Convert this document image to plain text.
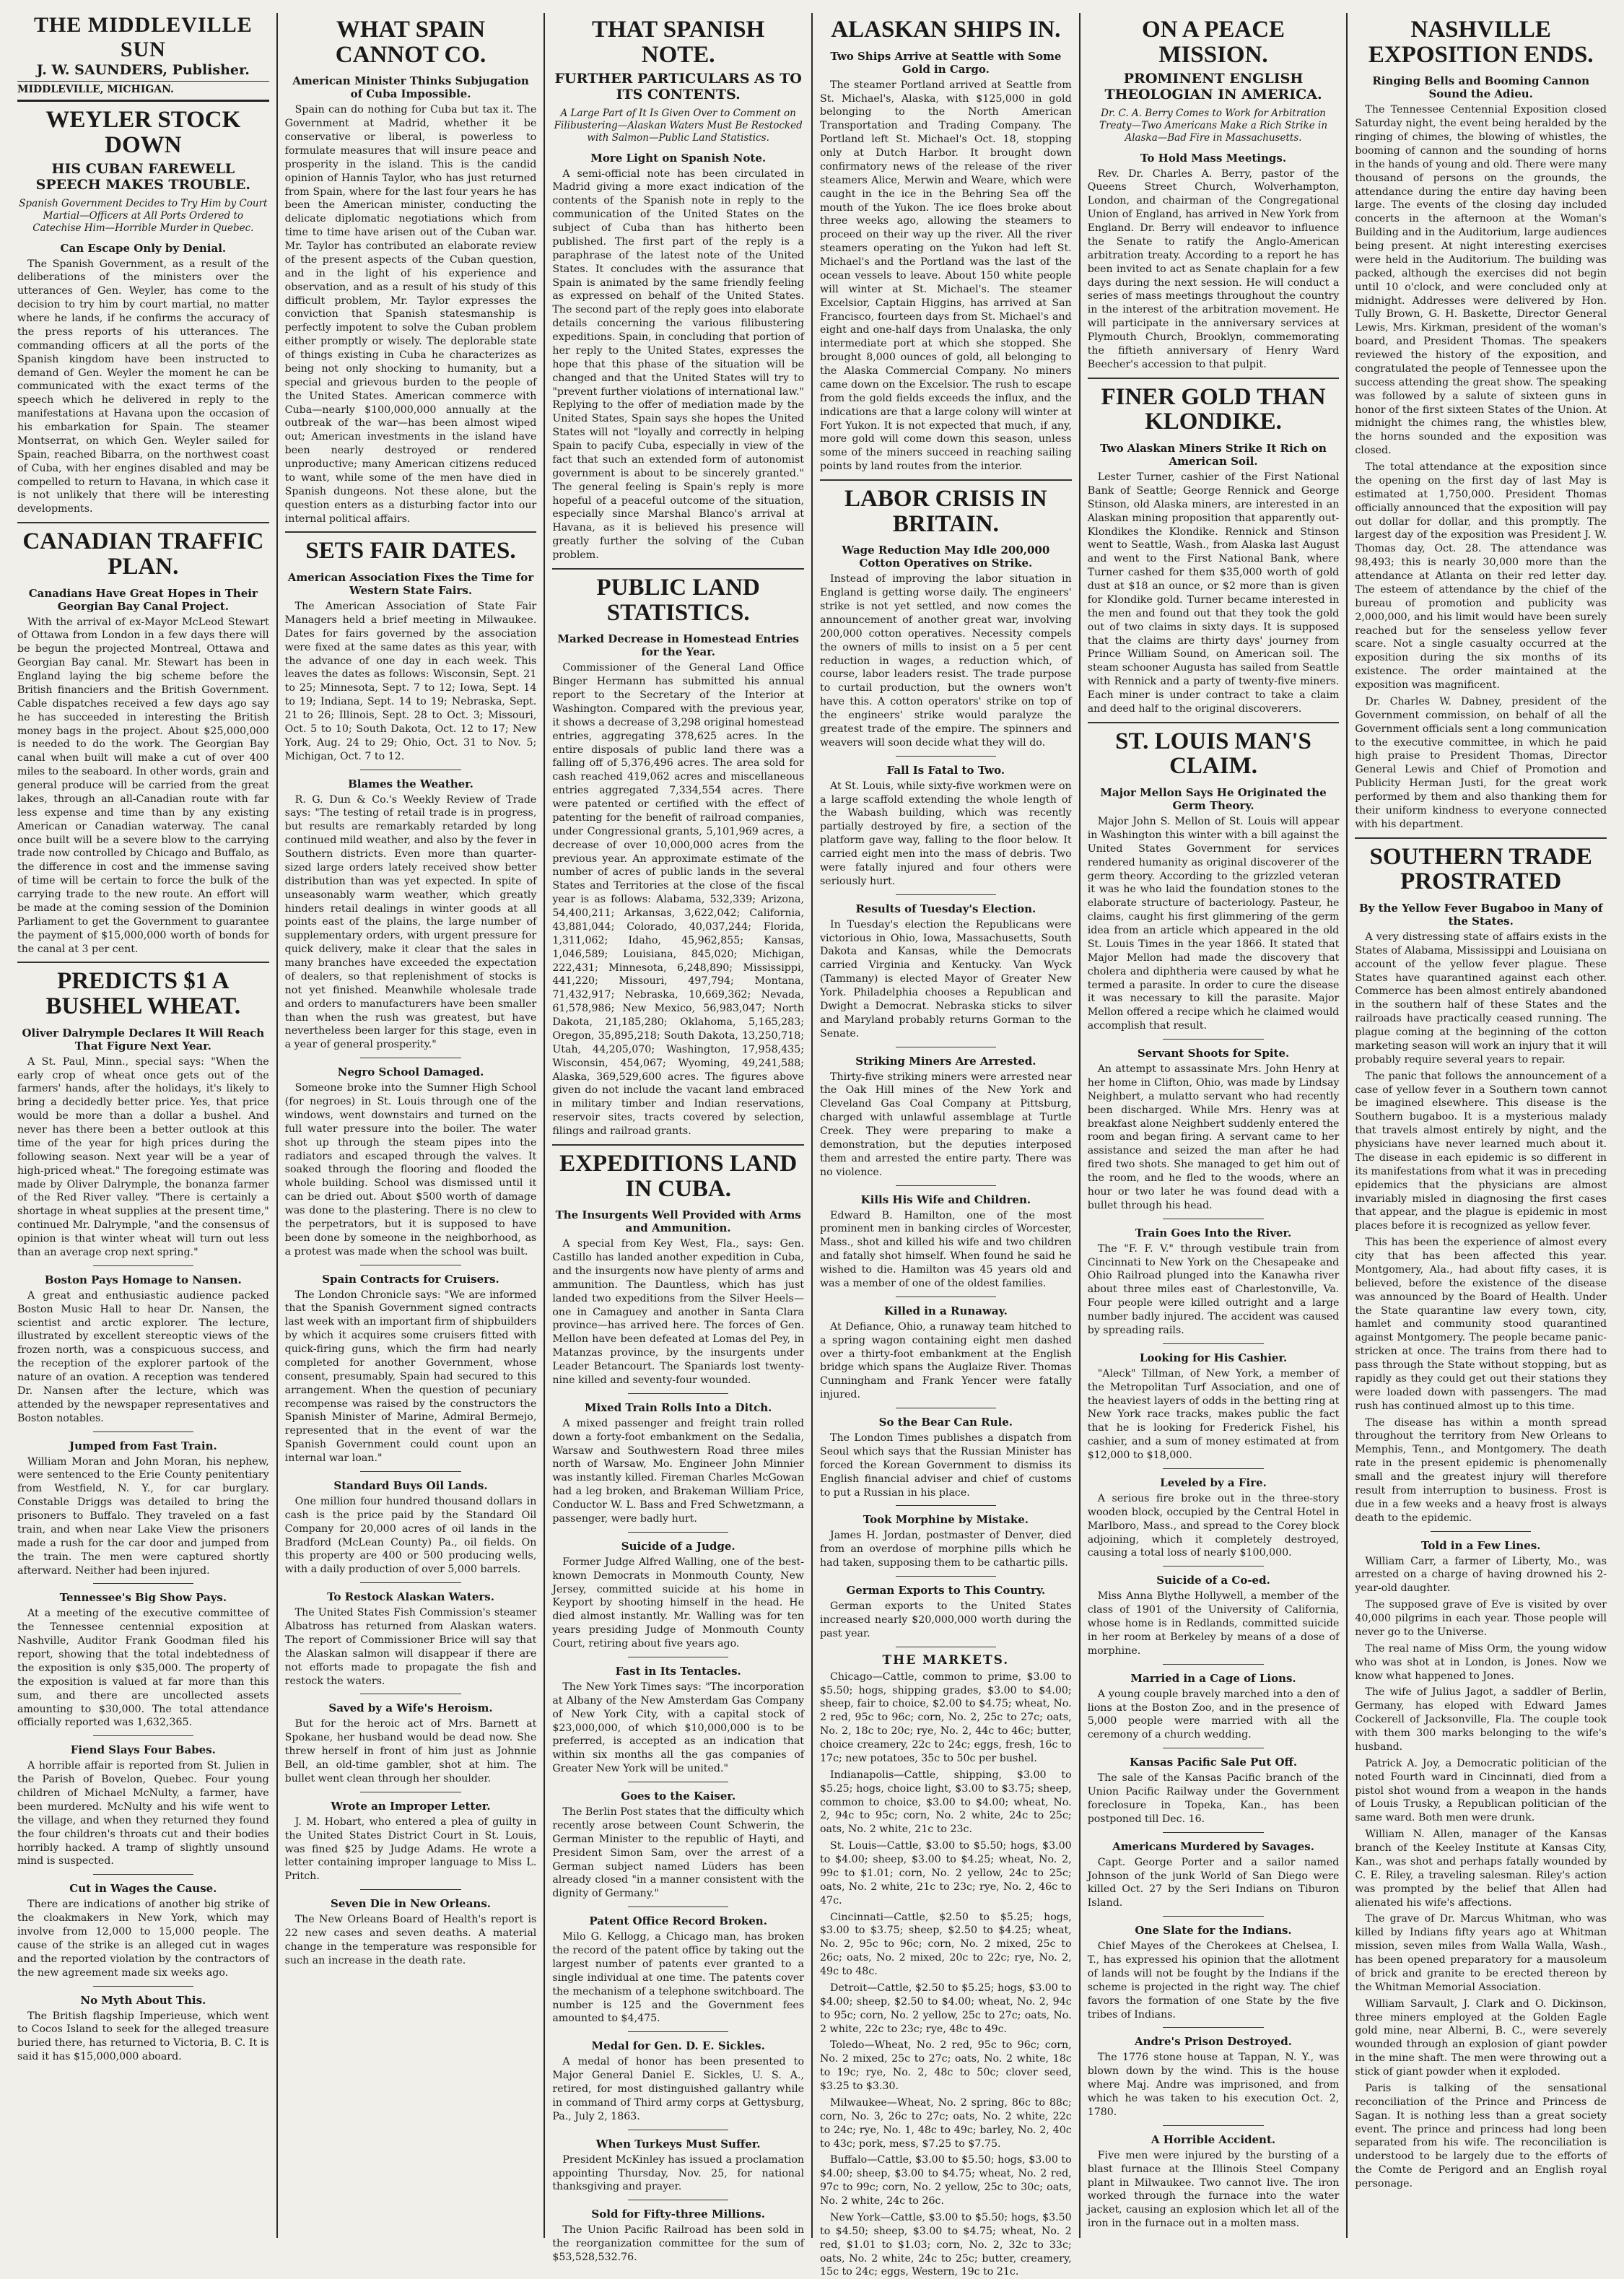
THE MIDDLEVILLE SUN
J. W. SAUNDERS, Publisher.
MIDDLEVILLE, MICHIGAN.
WEYLER STOCK DOWN
HIS CUBAN FAREWELL SPEECH MAKES TROUBLE.
Spanish Government Decides to Try Him by Court Martial—Officers at All Ports Ordered to Catechise Him—Horrible Murder in Quebec.
Can Escape Only by Denial.

The Spanish Government, as a result of the deliberations of the ministers over the utterances of Gen. Weyler, has come to the decision to try him by court martial, no matter where he lands, if he confirms the accuracy of the press reports of his utterances. The commanding officers at all the ports of the Spanish kingdom have been instructed to demand of Gen. Weyler the moment he can be communicated with the exact terms of the speech which he delivered in reply to the manifestations at Havana upon the occasion of his embarkation for Spain. The steamer Montserrat, on which Gen. Weyler sailed for Spain, reached Bibarra, on the northwest coast of Cuba, with her engines disabled and may be compelled to return to Havana, in which case it is not unlikely that there will be interesting developments.

CANADIAN TRAFFIC PLAN.
Canadians Have Great Hopes in Their Georgian Bay Canal Project.

With the arrival of ex-Mayor McLeod Stewart of Ottawa from London in a few days there will be begun the projected Montreal, Ottawa and Georgian Bay canal. Mr. Stewart has been in England laying the big scheme before the British financiers and the British Government. Cable dispatches received a few days ago say he has succeeded in interesting the British money bags in the project. About $25,000,000 is needed to do the work. The Georgian Bay canal when built will make a cut of over 400 miles to the seaboard. In other words, grain and general produce will be carried from the great lakes, through an all-Canadian route with far less expense and time than by any existing American or Canadian waterway. The canal once built will be a severe blow to the carrying trade now controlled by Chicago and Buffalo, as the difference in cost and the immense saving of time will be certain to force the bulk of the carrying trade to the new route. An effort will be made at the coming session of the Dominion Parliament to get the Government to guarantee the payment of $15,000,000 worth of bonds for the canal at 3 per cent.

PREDICTS $1 A BUSHEL WHEAT.
Oliver Dalrymple Declares It Will Reach That Figure Next Year.

A St. Paul, Minn., special says: "When the early crop of wheat once gets out of the farmers' hands, after the holidays, it's likely to bring a decidedly better price. Yes, that price would be more than a dollar a bushel. And never has there been a better outlook at this time of the year for high prices during the following season. Next year will be a year of high-priced wheat." The foregoing estimate was made by Oliver Dalrymple, the bonanza farmer of the Red River valley. "There is certainly a shortage in wheat supplies at the present time," continued Mr. Dalrymple, "and the consensus of opinion is that winter wheat will turn out less than an average crop next spring."

Boston Pays Homage to Nansen.

A great and enthusiastic audience packed Boston Music Hall to hear Dr. Nansen, the scientist and arctic explorer. The lecture, illustrated by excellent stereoptic views of the frozen north, was a conspicuous success, and the reception of the explorer partook of the nature of an ovation. A reception was tendered Dr. Nansen after the lecture, which was attended by the newspaper representatives and Boston notables.

Jumped from Fast Train.

William Moran and John Moran, his nephew, were sentenced to the Erie County penitentiary from Westfield, N. Y., for car burglary. Constable Driggs was detailed to bring the prisoners to Buffalo. They traveled on a fast train, and when near Lake View the prisoners made a rush for the car door and jumped from the train. The men were captured shortly afterward. Neither had been injured.

Tennessee's Big Show Pays.

At a meeting of the executive committee of the Tennessee centennial exposition at Nashville, Auditor Frank Goodman filed his report, showing that the total indebtedness of the exposition is only $35,000. The property of the exposition is valued at far more than this sum, and there are uncollected assets amounting to $30,000. The total attendance officially reported was 1,632,365.

Fiend Slays Four Babes.

A horrible affair is reported from St. Julien in the Parish of Bovelon, Quebec. Four young children of Michael McNulty, a farmer, have been murdered. McNulty and his wife went to the village, and when they returned they found the four children's throats cut and their bodies horribly hacked. A tramp of slightly unsound mind is suspected.

Cut in Wages the Cause.

There are indications of another big strike of the cloakmakers in New York, which may involve from 12,000 to 15,000 people. The cause of the strike is an alleged cut in wages and the reported violation by the contractors of the new agreement made six weeks ago.

No Myth About This.

The British flagship Imperieuse, which went to Cocos Island to seek for the alleged treasure buried there, has returned to Victoria, B. C. It is said it has $15,000,000 aboard.

WHAT SPAIN CANNOT CO.
American Minister Thinks Subjugation of Cuba Impossible.

Spain can do nothing for Cuba but tax it. The Government at Madrid, whether it be conservative or liberal, is powerless to formulate measures that will insure peace and prosperity in the island. This is the candid opinion of Hannis Taylor, who has just returned from Spain, where for the last four years he has been the American minister, conducting the delicate diplomatic negotiations which from time to time have arisen out of the Cuban war. Mr. Taylor has contributed an elaborate review of the present aspects of the Cuban question, and in the light of his experience and observation, and as a result of his study of this difficult problem, Mr. Taylor expresses the conviction that Spanish statesmanship is perfectly impotent to solve the Cuban problem either promptly or wisely. The deplorable state of things existing in Cuba he characterizes as being not only shocking to humanity, but a special and grievous burden to the people of the United States. American commerce with Cuba—nearly $100,000,000 annually at the outbreak of the war—has been almost wiped out; American investments in the island have been nearly destroyed or rendered unproductive; many American citizens reduced to want, while some of the men have died in Spanish dungeons. Not these alone, but the question enters as a disturbing factor into our internal political affairs.

SETS FAIR DATES.
American Association Fixes the Time for Western State Fairs.

The American Association of State Fair Managers held a brief meeting in Milwaukee. Dates for fairs governed by the association were fixed at the same dates as this year, with the advance of one day in each week. This leaves the dates as follows: Wisconsin, Sept. 21 to 25; Minnesota, Sept. 7 to 12; Iowa, Sept. 14 to 19; Indiana, Sept. 14 to 19; Nebraska, Sept. 21 to 26; Illinois, Sept. 28 to Oct. 3; Missouri, Oct. 5 to 10; South Dakota, Oct. 12 to 17; New York, Aug. 24 to 29; Ohio, Oct. 31 to Nov. 5; Michigan, Oct. 7 to 12.

Blames the Weather.

R. G. Dun & Co.'s Weekly Review of Trade says: "The testing of retail trade is in progress, but results are remarkably retarded by long continued mild weather, and also by the fever in Southern districts. Even more than quarter-sized large orders lately received show better distribution than was yet expected. In spite of unseasonably warm weather, which greatly hinders retail dealings in winter goods at all points east of the plains, the large number of supplementary orders, with urgent pressure for quick delivery, make it clear that the sales in many branches have exceeded the expectation of dealers, so that replenishment of stocks is not yet finished. Meanwhile wholesale trade and orders to manufacturers have been smaller than when the rush was greatest, but have nevertheless been larger for this stage, even in a year of general prosperity."

Negro School Damaged.

Someone broke into the Sumner High School (for negroes) in St. Louis through one of the windows, went downstairs and turned on the full water pressure into the boiler. The water shot up through the steam pipes into the radiators and escaped through the valves. It soaked through the flooring and flooded the whole building. School was dismissed until it can be dried out. About $500 worth of damage was done to the plastering. There is no clew to the perpetrators, but it is supposed to have been done by someone in the neighborhood, as a protest was made when the school was built.

Spain Contracts for Cruisers.

The London Chronicle says: "We are informed that the Spanish Government signed contracts last week with an important firm of shipbuilders by which it acquires some cruisers fitted with quick-firing guns, which the firm had nearly completed for another Government, whose consent, presumably, Spain had secured to this arrangement. When the question of pecuniary recompense was raised by the constructors the Spanish Minister of Marine, Admiral Bermejo, represented that in the event of war the Spanish Government could count upon an internal war loan."

Standard Buys Oil Lands.

One million four hundred thousand dollars in cash is the price paid by the Standard Oil Company for 20,000 acres of oil lands in the Bradford (McLean County) Pa., oil fields. On this property are 400 or 500 producing wells, with a daily production of over 5,000 barrels.

To Restock Alaskan Waters.

The United States Fish Commission's steamer Albatross has returned from Alaskan waters. The report of Commissioner Brice will say that the Alaskan salmon will disappear if there are not efforts made to propagate the fish and restock the waters.

Saved by a Wife's Heroism.

But for the heroic act of Mrs. Barnett at Spokane, her husband would be dead now. She threw herself in front of him just as Johnnie Bell, an old-time gambler, shot at him. The bullet went clean through her shoulder.

Wrote an Improper Letter.

J. M. Hobart, who entered a plea of guilty in the United States District Court in St. Louis, was fined $25 by Judge Adams. He wrote a letter containing improper language to Miss L. Pritch.

Seven Die in New Orleans.

The New Orleans Board of Health's report is 22 new cases and seven deaths. A material change in the temperature was responsible for such an increase in the death rate.

THAT SPANISH NOTE.
FURTHER PARTICULARS AS TO ITS CONTENTS.
A Large Part of It Is Given Over to Comment on Filibustering—Alaskan Waters Must Be Restocked with Salmon—Public Land Statistics.
More Light on Spanish Note.

A semi-official note has been circulated in Madrid giving a more exact indication of the contents of the Spanish note in reply to the communication of the United States on the subject of Cuba than has hitherto been published. The first part of the reply is a paraphrase of the latest note of the United States. It concludes with the assurance that Spain is animated by the same friendly feeling as expressed on behalf of the United States. The second part of the reply goes into elaborate details concerning the various filibustering expeditions. Spain, in concluding that portion of her reply to the United States, expresses the hope that this phase of the situation will be changed and that the United States will try to "prevent further violations of international law." Replying to the offer of mediation made by the United States, Spain says she hopes the United States will not "loyally and correctly in helping Spain to pacify Cuba, especially in view of the fact that such an extended form of autonomist government is about to be sincerely granted." The general feeling is Spain's reply is more hopeful of a peaceful outcome of the situation, especially since Marshal Blanco's arrival at Havana, as it is believed his presence will greatly further the solving of the Cuban problem.

PUBLIC LAND STATISTICS.
Marked Decrease in Homestead Entries for the Year.

Commissioner of the General Land Office Binger Hermann has submitted his annual report to the Secretary of the Interior at Washington. Compared with the previous year, it shows a decrease of 3,298 original homestead entries, aggregating 378,625 acres. In the entire disposals of public land there was a falling off of 5,376,496 acres. The area sold for cash reached 419,062 acres and miscellaneous entries aggregated 7,334,554 acres. There were patented or certified with the effect of patenting for the benefit of railroad companies, under Congressional grants, 5,101,969 acres, a decrease of over 10,000,000 acres from the previous year. An approximate estimate of the number of acres of public lands in the several States and Territories at the close of the fiscal year is as follows: Alabama, 532,339; Arizona, 54,400,211; Arkansas, 3,622,042; California, 43,881,044; Colorado, 40,037,244; Florida, 1,311,062; Idaho, 45,962,855; Kansas, 1,046,589; Louisiana, 845,020; Michigan, 222,431; Minnesota, 6,248,890; Mississippi, 441,220; Missouri, 497,794; Montana, 71,432,917; Nebraska, 10,669,362; Nevada, 61,578,986; New Mexico, 56,983,047; North Dakota, 21,185,280; Oklahoma, 5,165,283; Oregon, 35,895,218; South Dakota, 13,250,718; Utah, 44,205,070; Washington, 17,958,435; Wisconsin, 454,067; Wyoming, 49,241,588; Alaska, 369,529,600 acres. The figures above given do not include the vacant land embraced in military timber and Indian reservations, reservoir sites, tracts covered by selection, filings and railroad grants.

EXPEDITIONS LAND IN CUBA.
The Insurgents Well Provided with Arms and Ammunition.

A special from Key West, Fla., says: Gen. Castillo has landed another expedition in Cuba, and the insurgents now have plenty of arms and ammunition. The Dauntless, which has just landed two expeditions from the Silver Heels—one in Camaguey and another in Santa Clara province—has arrived here. The forces of Gen. Mellon have been defeated at Lomas del Pey, in Matanzas province, by the insurgents under Leader Betancourt. The Spaniards lost twenty-nine killed and seventy-four wounded.

Mixed Train Rolls Into a Ditch.

A mixed passenger and freight train rolled down a forty-foot embankment on the Sedalia, Warsaw and Southwestern Road three miles north of Warsaw, Mo. Engineer John Minnier was instantly killed. Fireman Charles McGowan had a leg broken, and Brakeman William Price, Conductor W. L. Bass and Fred Schwetzmann, a passenger, were badly hurt.

Suicide of a Judge.

Former Judge Alfred Walling, one of the best-known Democrats in Monmouth County, New Jersey, committed suicide at his home in Keyport by shooting himself in the head. He died almost instantly. Mr. Walling was for ten years presiding Judge of Monmouth County Court, retiring about five years ago.

Fast in Its Tentacles.

The New York Times says: "The incorporation at Albany of the New Amsterdam Gas Company of New York City, with a capital stock of $23,000,000, of which $10,000,000 is to be preferred, is accepted as an indication that within six months all the gas companies of Greater New York will be united."

Goes to the Kaiser.

The Berlin Post states that the difficulty which recently arose between Count Schwerin, the German Minister to the republic of Hayti, and President Simon Sam, over the arrest of a German subject named Lüders has been already closed "in a manner consistent with the dignity of Germany."

Patent Office Record Broken.

Milo G. Kellogg, a Chicago man, has broken the record of the patent office by taking out the largest number of patents ever granted to a single individual at one time. The patents cover the mechanism of a telephone switchboard. The number is 125 and the Government fees amounted to $4,475.

Medal for Gen. D. E. Sickles.

A medal of honor has been presented to Major General Daniel E. Sickles, U. S. A., retired, for most distinguished gallantry while in command of Third army corps at Gettysburg, Pa., July 2, 1863.

When Turkeys Must Suffer.

President McKinley has issued a proclamation appointing Thursday, Nov. 25, for national thanksgiving and prayer.

Sold for Fifty-three Millions.

The Union Pacific Railroad has been sold in the reorganization committee for the sum of $53,528,532.76.

ALASKAN SHIPS IN.
Two Ships Arrive at Seattle with Some Gold in Cargo.

The steamer Portland arrived at Seattle from St. Michael's, Alaska, with $125,000 in gold belonging to the North American Transportation and Trading Company. The Portland left St. Michael's Oct. 18, stopping only at Dutch Harbor. It brought down confirmatory news of the release of the river steamers Alice, Merwin and Weare, which were caught in the ice in the Behring Sea off the mouth of the Yukon. The ice floes broke about three weeks ago, allowing the steamers to proceed on their way up the river. All the river steamers operating on the Yukon had left St. Michael's and the Portland was the last of the ocean vessels to leave. About 150 white people will winter at St. Michael's. The steamer Excelsior, Captain Higgins, has arrived at San Francisco, fourteen days from St. Michael's and eight and one-half days from Unalaska, the only intermediate port at which she stopped. She brought 8,000 ounces of gold, all belonging to the Alaska Commercial Company. No miners came down on the Excelsior. The rush to escape from the gold fields exceeds the influx, and the indications are that a large colony will winter at Fort Yukon. It is not expected that much, if any, more gold will come down this season, unless some of the miners succeed in reaching sailing points by land routes from the interior.

LABOR CRISIS IN BRITAIN.
Wage Reduction May Idle 200,000 Cotton Operatives on Strike.

Instead of improving the labor situation in England is getting worse daily. The engineers' strike is not yet settled, and now comes the announcement of another great war, involving 200,000 cotton operatives. Necessity compels the owners of mills to insist on a 5 per cent reduction in wages, a reduction which, of course, labor leaders resist. The trade purpose to curtail production, but the owners won't have this. A cotton operators' strike on top of the engineers' strike would paralyze the greatest trade of the empire. The spinners and weavers will soon decide what they will do.

Fall Is Fatal to Two.

At St. Louis, while sixty-five workmen were on a large scaffold extending the whole length of the Wabash building, which was recently partially destroyed by fire, a section of the platform gave way, falling to the floor below. It carried eight men into the mass of debris. Two were fatally injured and four others were seriously hurt.

Results of Tuesday's Election.

In Tuesday's election the Republicans were victorious in Ohio, Iowa, Massachusetts, South Dakota and Kansas, while the Democrats carried Virginia and Kentucky. Van Wyck (Tammany) is elected Mayor of Greater New York. Philadelphia chooses a Republican and Dwight a Democrat. Nebraska sticks to silver and Maryland probably returns Gorman to the Senate.

Striking Miners Are Arrested.

Thirty-five striking miners were arrested near the Oak Hill mines of the New York and Cleveland Gas Coal Company at Pittsburg, charged with unlawful assemblage at Turtle Creek. They were preparing to make a demonstration, but the deputies interposed them and arrested the entire party. There was no violence.

Kills His Wife and Children.

Edward B. Hamilton, one of the most prominent men in banking circles of Worcester, Mass., shot and killed his wife and two children and fatally shot himself. When found he said he wished to die. Hamilton was 45 years old and was a member of one of the oldest families.

Killed in a Runaway.

At Defiance, Ohio, a runaway team hitched to a spring wagon containing eight men dashed over a thirty-foot embankment at the English bridge which spans the Auglaize River. Thomas Cunningham and Frank Yencer were fatally injured.

So the Bear Can Rule.

The London Times publishes a dispatch from Seoul which says that the Russian Minister has forced the Korean Government to dismiss its English financial adviser and chief of customs to put a Russian in his place.

Took Morphine by Mistake.

James H. Jordan, postmaster of Denver, died from an overdose of morphine pills which he had taken, supposing them to be cathartic pills.

German Exports to This Country.

German exports to the United States increased nearly $20,000,000 worth during the past year.

THE MARKETS.

Chicago—Cattle, common to prime, $3.00 to $5.50; hogs, shipping grades, $3.00 to $4.00; sheep, fair to choice, $2.00 to $4.75; wheat, No. 2 red, 95c to 96c; corn, No. 2, 25c to 27c; oats, No. 2, 18c to 20c; rye, No. 2, 44c to 46c; butter, choice creamery, 22c to 24c; eggs, fresh, 16c to 17c; new potatoes, 35c to 50c per bushel.

Indianapolis—Cattle, shipping, $3.00 to $5.25; hogs, choice light, $3.00 to $3.75; sheep, common to choice, $3.00 to $4.00; wheat, No. 2, 94c to 95c; corn, No. 2 white, 24c to 25c; oats, No. 2 white, 21c to 23c.

St. Louis—Cattle, $3.00 to $5.50; hogs, $3.00 to $4.00; sheep, $3.00 to $4.25; wheat, No. 2, 99c to $1.01; corn, No. 2 yellow, 24c to 25c; oats, No. 2 white, 21c to 23c; rye, No. 2, 46c to 47c.

Cincinnati—Cattle, $2.50 to $5.25; hogs, $3.00 to $3.75; sheep, $2.50 to $4.25; wheat, No. 2, 95c to 96c; corn, No. 2 mixed, 25c to 26c; oats, No. 2 mixed, 20c to 22c; rye, No. 2, 49c to 48c.

Detroit—Cattle, $2.50 to $5.25; hogs, $3.00 to $4.00; sheep, $2.50 to $4.00; wheat, No. 2, 94c to 95c; corn, No. 2 yellow, 25c to 27c; oats, No. 2 white, 22c to 23c; rye, 48c to 49c.

Toledo—Wheat, No. 2 red, 95c to 96c; corn, No. 2 mixed, 25c to 27c; oats, No. 2 white, 18c to 19c; rye, No. 2, 48c to 50c; clover seed, $3.25 to $3.30.

Milwaukee—Wheat, No. 2 spring, 86c to 88c; corn, No. 3, 26c to 27c; oats, No. 2 white, 22c to 24c; rye, No. 1, 48c to 49c; barley, No. 2, 40c to 43c; pork, mess, $7.25 to $7.75.

Buffalo—Cattle, $3.00 to $5.50; hogs, $3.00 to $4.00; sheep, $3.00 to $4.75; wheat, No. 2 red, 97c to 99c; corn, No. 2 yellow, 25c to 30c; oats, No. 2 white, 24c to 26c.

New York—Cattle, $3.00 to $5.50; hogs, $3.50 to $4.50; sheep, $3.00 to $4.75; wheat, No. 2 red, $1.01 to $1.03; corn, No. 2, 32c to 33c; oats, No. 2 white, 24c to 25c; butter, creamery, 15c to 24c; eggs, Western, 19c to 21c.

ON A PEACE MISSION.
PROMINENT ENGLISH THEOLOGIAN IN AMERICA.
Dr. C. A. Berry Comes to Work for Arbitration Treaty—Two Americans Make a Rich Strike in Alaska—Bad Fire in Massachusetts.
To Hold Mass Meetings.

Rev. Dr. Charles A. Berry, pastor of the Queens Street Church, Wolverhampton, London, and chairman of the Congregational Union of England, has arrived in New York from England. Dr. Berry will endeavor to influence the Senate to ratify the Anglo-American arbitration treaty. According to a report he has been invited to act as Senate chaplain for a few days during the next session. He will conduct a series of mass meetings throughout the country in the interest of the arbitration movement. He will participate in the anniversary services at Plymouth Church, Brooklyn, commemorating the fiftieth anniversary of Henry Ward Beecher's accession to that pulpit.

FINER GOLD THAN KLONDIKE.
Two Alaskan Miners Strike It Rich on American Soil.

Lester Turner, cashier of the First National Bank of Seattle; George Rennick and George Stinson, old Alaska miners, are interested in an Alaskan mining proposition that apparently out-Klondikes the Klondike. Rennick and Stinson went to Seattle, Wash., from Alaska last August and went to the First National Bank, where Turner cashed for them $35,000 worth of gold dust at $18 an ounce, or $2 more than is given for Klondike gold. Turner became interested in the men and found out that they took the gold out of two claims in sixty days. It is supposed that the claims are thirty days' journey from Prince William Sound, on American soil. The steam schooner Augusta has sailed from Seattle with Rennick and a party of twenty-five miners. Each miner is under contract to take a claim and deed half to the original discoverers.

ST. LOUIS MAN'S CLAIM.
Major Mellon Says He Originated the Germ Theory.

Major John S. Mellon of St. Louis will appear in Washington this winter with a bill against the United States Government for services rendered humanity as original discoverer of the germ theory. According to the grizzled veteran it was he who laid the foundation stones to the elaborate structure of bacteriology. Pasteur, he claims, caught his first glimmering of the germ idea from an article which appeared in the old St. Louis Times in the year 1866. It stated that Major Mellon had made the discovery that cholera and diphtheria were caused by what he termed a parasite. In order to cure the disease it was necessary to kill the parasite. Major Mellon offered a recipe which he claimed would accomplish that result.

Servant Shoots for Spite.

An attempt to assassinate Mrs. John Henry at her home in Clifton, Ohio, was made by Lindsay Neighbert, a mulatto servant who had recently been discharged. While Mrs. Henry was at breakfast alone Neighbert suddenly entered the room and began firing. A servant came to her assistance and seized the man after he had fired two shots. She managed to get him out of the room, and he fled to the woods, where an hour or two later he was found dead with a bullet through his head.

Train Goes Into the River.

The "F. F. V." through vestibule train from Cincinnati to New York on the Chesapeake and Ohio Railroad plunged into the Kanawha river about three miles east of Charlestonville, Va. Four people were killed outright and a large number badly injured. The accident was caused by spreading rails.

Looking for His Cashier.

"Aleck" Tillman, of New York, a member of the Metropolitan Turf Association, and one of the heaviest layers of odds in the betting ring at New York race tracks, makes public the fact that he is looking for Frederick Fishel, his cashier, and a sum of money estimated at from $12,000 to $18,000.

Leveled by a Fire.

A serious fire broke out in the three-story wooden block, occupied by the Central Hotel in Marlboro, Mass., and spread to the Corey block adjoining, which it completely destroyed, causing a total loss of nearly $100,000.

Suicide of a Co-ed.

Miss Anna Blythe Hollywell, a member of the class of 1901 of the University of California, whose home is in Redlands, committed suicide in her room at Berkeley by means of a dose of morphine.

Married in a Cage of Lions.

A young couple bravely marched into a den of lions at the Boston Zoo, and in the presence of 5,000 people were married with all the ceremony of a church wedding.

Kansas Pacific Sale Put Off.

The sale of the Kansas Pacific branch of the Union Pacific Railway under the Government foreclosure in Topeka, Kan., has been postponed till Dec. 16.

Americans Murdered by Savages.

Capt. George Porter and a sailor named Johnson of the junk World of San Diego were killed Oct. 27 by the Seri Indians on Tiburon Island.

One Slate for the Indians.

Chief Mayes of the Cherokees at Chelsea, I. T., has expressed his opinion that the allotment of lands will not be fought by the Indians if the scheme is projected in the right way. The chief favors the formation of one State by the five tribes of Indians.

Andre's Prison Destroyed.

The 1776 stone house at Tappan, N. Y., was blown down by the wind. This is the house where Maj. Andre was imprisoned, and from which he was taken to his execution Oct. 2, 1780.

A Horrible Accident.

Five men were injured by the bursting of a blast furnace at the Illinois Steel Company plant in Milwaukee. Two cannot live. The iron worked through the furnace into the water jacket, causing an explosion which let all of the iron in the furnace out in a molten mass.

NASHVILLE EXPOSITION ENDS.
Ringing Bells and Booming Cannon Sound the Adieu.

The Tennessee Centennial Exposition closed Saturday night, the event being heralded by the ringing of chimes, the blowing of whistles, the booming of cannon and the sounding of horns in the hands of young and old. There were many thousand of persons on the grounds, the attendance during the entire day having been large. The events of the closing day included concerts in the afternoon at the Woman's Building and in the Auditorium, large audiences being present. At night interesting exercises were held in the Auditorium. The building was packed, although the exercises did not begin until 10 o'clock, and were concluded only at midnight. Addresses were delivered by Hon. Tully Brown, G. H. Baskette, Director General Lewis, Mrs. Kirkman, president of the woman's board, and President Thomas. The speakers reviewed the history of the exposition, and congratulated the people of Tennessee upon the success attending the great show. The speaking was followed by a salute of sixteen guns in honor of the first sixteen States of the Union. At midnight the chimes rang, the whistles blew, the horns sounded and the exposition was closed.

The total attendance at the exposition since the opening on the first day of last May is estimated at 1,750,000. President Thomas officially announced that the exposition will pay out dollar for dollar, and this promptly. The largest day of the exposition was President J. W. Thomas day, Oct. 28. The attendance was 98,493; this is nearly 30,000 more than the attendance at Atlanta on their red letter day. The esteem of attendance by the chief of the bureau of promotion and publicity was 2,000,000, and his limit would have been surely reached but for the senseless yellow fever scare. Not a single casualty occurred at the exposition during the six months of its existence. The order maintained at the exposition was magnificent.

Dr. Charles W. Dabney, president of the Government commission, on behalf of all the Government officials sent a long communication to the executive committee, in which he paid high praise to President Thomas, Director General Lewis and Chief of Promotion and Publicity Herman Justi, for the great work performed by them and also thanking them for their uniform kindness to everyone connected with his department.

SOUTHERN TRADE PROSTRATED
By the Yellow Fever Bugaboo in Many of the States.

A very distressing state of affairs exists in the States of Alabama, Mississippi and Louisiana on account of the yellow fever plague. These States have quarantined against each other. Commerce has been almost entirely abandoned in the southern half of these States and the railroads have practically ceased running. The plague coming at the beginning of the cotton marketing season will work an injury that it will probably require several years to repair.

The panic that follows the announcement of a case of yellow fever in a Southern town cannot be imagined elsewhere. This disease is the Southern bugaboo. It is a mysterious malady that travels almost entirely by night, and the physicians have never learned much about it. The disease in each epidemic is so different in its manifestations from what it was in preceding epidemics that the physicians are almost invariably misled in diagnosing the first cases that appear, and the plague is epidemic in most places before it is recognized as yellow fever.

This has been the experience of almost every city that has been affected this year. Montgomery, Ala., had about fifty cases, it is believed, before the existence of the disease was announced by the Board of Health. Under the State quarantine law every town, city, hamlet and community stood quarantined against Montgomery. The people became panic-stricken at once. The trains from there had to pass through the State without stopping, but as rapidly as they could get out their stations they were loaded down with passengers. The mad rush has continued almost up to this time.

The disease has within a month spread throughout the territory from New Orleans to Memphis, Tenn., and Montgomery. The death rate in the present epidemic is phenomenally small and the greatest injury will therefore result from interruption to business. Frost is due in a few weeks and a heavy frost is always death to the epidemic.

Told in a Few Lines.

William Carr, a farmer of Liberty, Mo., was arrested on a charge of having drowned his 2-year-old daughter.

The supposed grave of Eve is visited by over 40,000 pilgrims in each year. Those people will never go to the Universe.

The real name of Miss Orm, the young widow who was shot at in London, is Jones. Now we know what happened to Jones.

The wife of Julius Jagot, a saddler of Berlin, Germany, has eloped with Edward James Cockerell of Jacksonville, Fla. The couple took with them 300 marks belonging to the wife's husband.

Patrick A. Joy, a Democratic politician of the noted Fourth ward in Cincinnati, died from a pistol shot wound from a weapon in the hands of Louis Trusky, a Republican politician of the same ward. Both men were drunk.

William N. Allen, manager of the Kansas branch of the Keeley Institute at Kansas City, Kan., was shot and perhaps fatally wounded by C. E. Riley, a traveling salesman. Riley's action was prompted by the belief that Allen had alienated his wife's affections.

The grave of Dr. Marcus Whitman, who was killed by Indians fifty years ago at Whitman mission, seven miles from Walla Walla, Wash., has been opened preparatory for a mausoleum of brick and granite to be erected thereon by the Whitman Memorial Association.

William Sarvault, J. Clark and O. Dickinson, three miners employed at the Golden Eagle gold mine, near Alberni, B. C., were severely wounded through an explosion of giant powder in the mine shaft. The men were throwing out a stick of giant powder when it exploded.

Paris is talking of the sensational reconciliation of the Prince and Princess de Sagan. It is nothing less than a great society event. The prince and princess had long been separated from his wife. The reconciliation is understood to be largely due to the efforts of the Comte de Perigord and an English royal personage.
